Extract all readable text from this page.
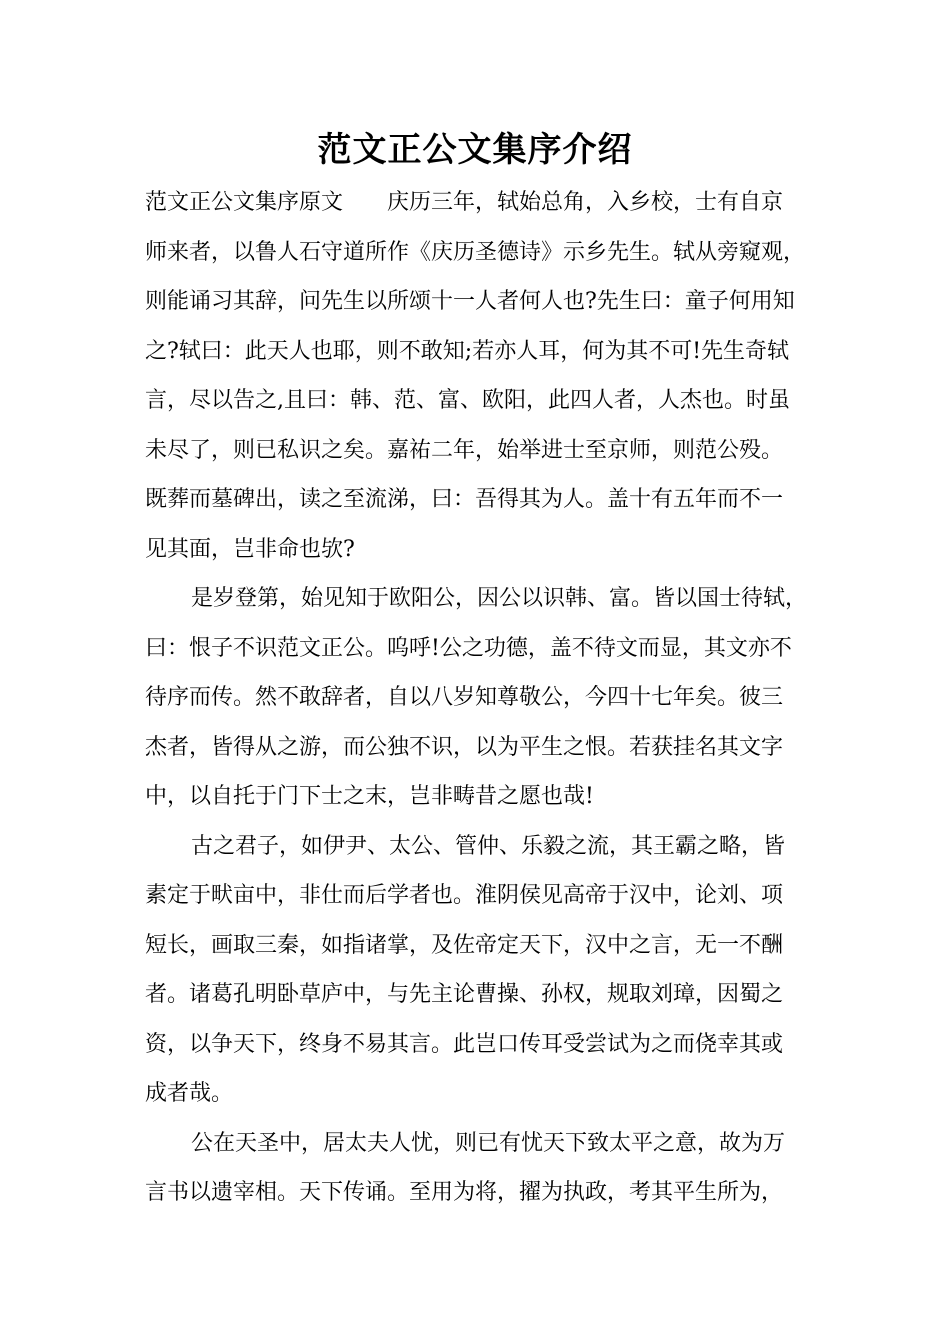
范文正公文集序介绍
范文正公文集序原文 庆历三年，轼始总角，入乡校，士有自京
师来者，以鲁人石守道所作《庆历圣德诗》示乡先生。轼从旁窥观，
则能诵习其辞，问先生以所颂十一人者何人也?先生曰：童子何用知
之?轼曰：此天人也耶，则不敢知;若亦人耳，何为其不可!先生奇轼
言，尽以告之,且曰：韩、范、富、欧阳，此四人者，人杰也。时虽
未尽了，则已私识之矣。嘉祐二年，始举进士至京师，则范公殁。
既葬而墓碑出，读之至流涕，曰：吾得其为人。盖十有五年而不一
见其面，岂非命也欤?
是岁登第，始见知于欧阳公，因公以识韩、富。皆以国士待轼，
曰：恨子不识范文正公。呜呼!公之功德，盖不待文而显，其文亦不
待序而传。然不敢辞者，自以八岁知尊敬公，今四十七年矣。彼三
杰者，皆得从之游，而公独不识，以为平生之恨。若获挂名其文字
中，以自托于门下士之末，岂非畴昔之愿也哉!
古之君子，如伊尹、太公、管仲、乐毅之流，其王霸之略，皆
素定于畎亩中，非仕而后学者也。淮阴侯见高帝于汉中，论刘、项
短长，画取三秦，如指诸掌，及佐帝定天下，汉中之言，无一不酬
者。诸葛孔明卧草庐中，与先主论曹操、孙权，规取刘璋，因蜀之
资，以争天下，终身不易其言。此岂口传耳受尝试为之而侥幸其或
成者哉。
公在天圣中，居太夫人忧，则已有忧天下致太平之意，故为万
言书以遗宰相。天下传诵。至用为将，擢为执政，考其平生所为，
